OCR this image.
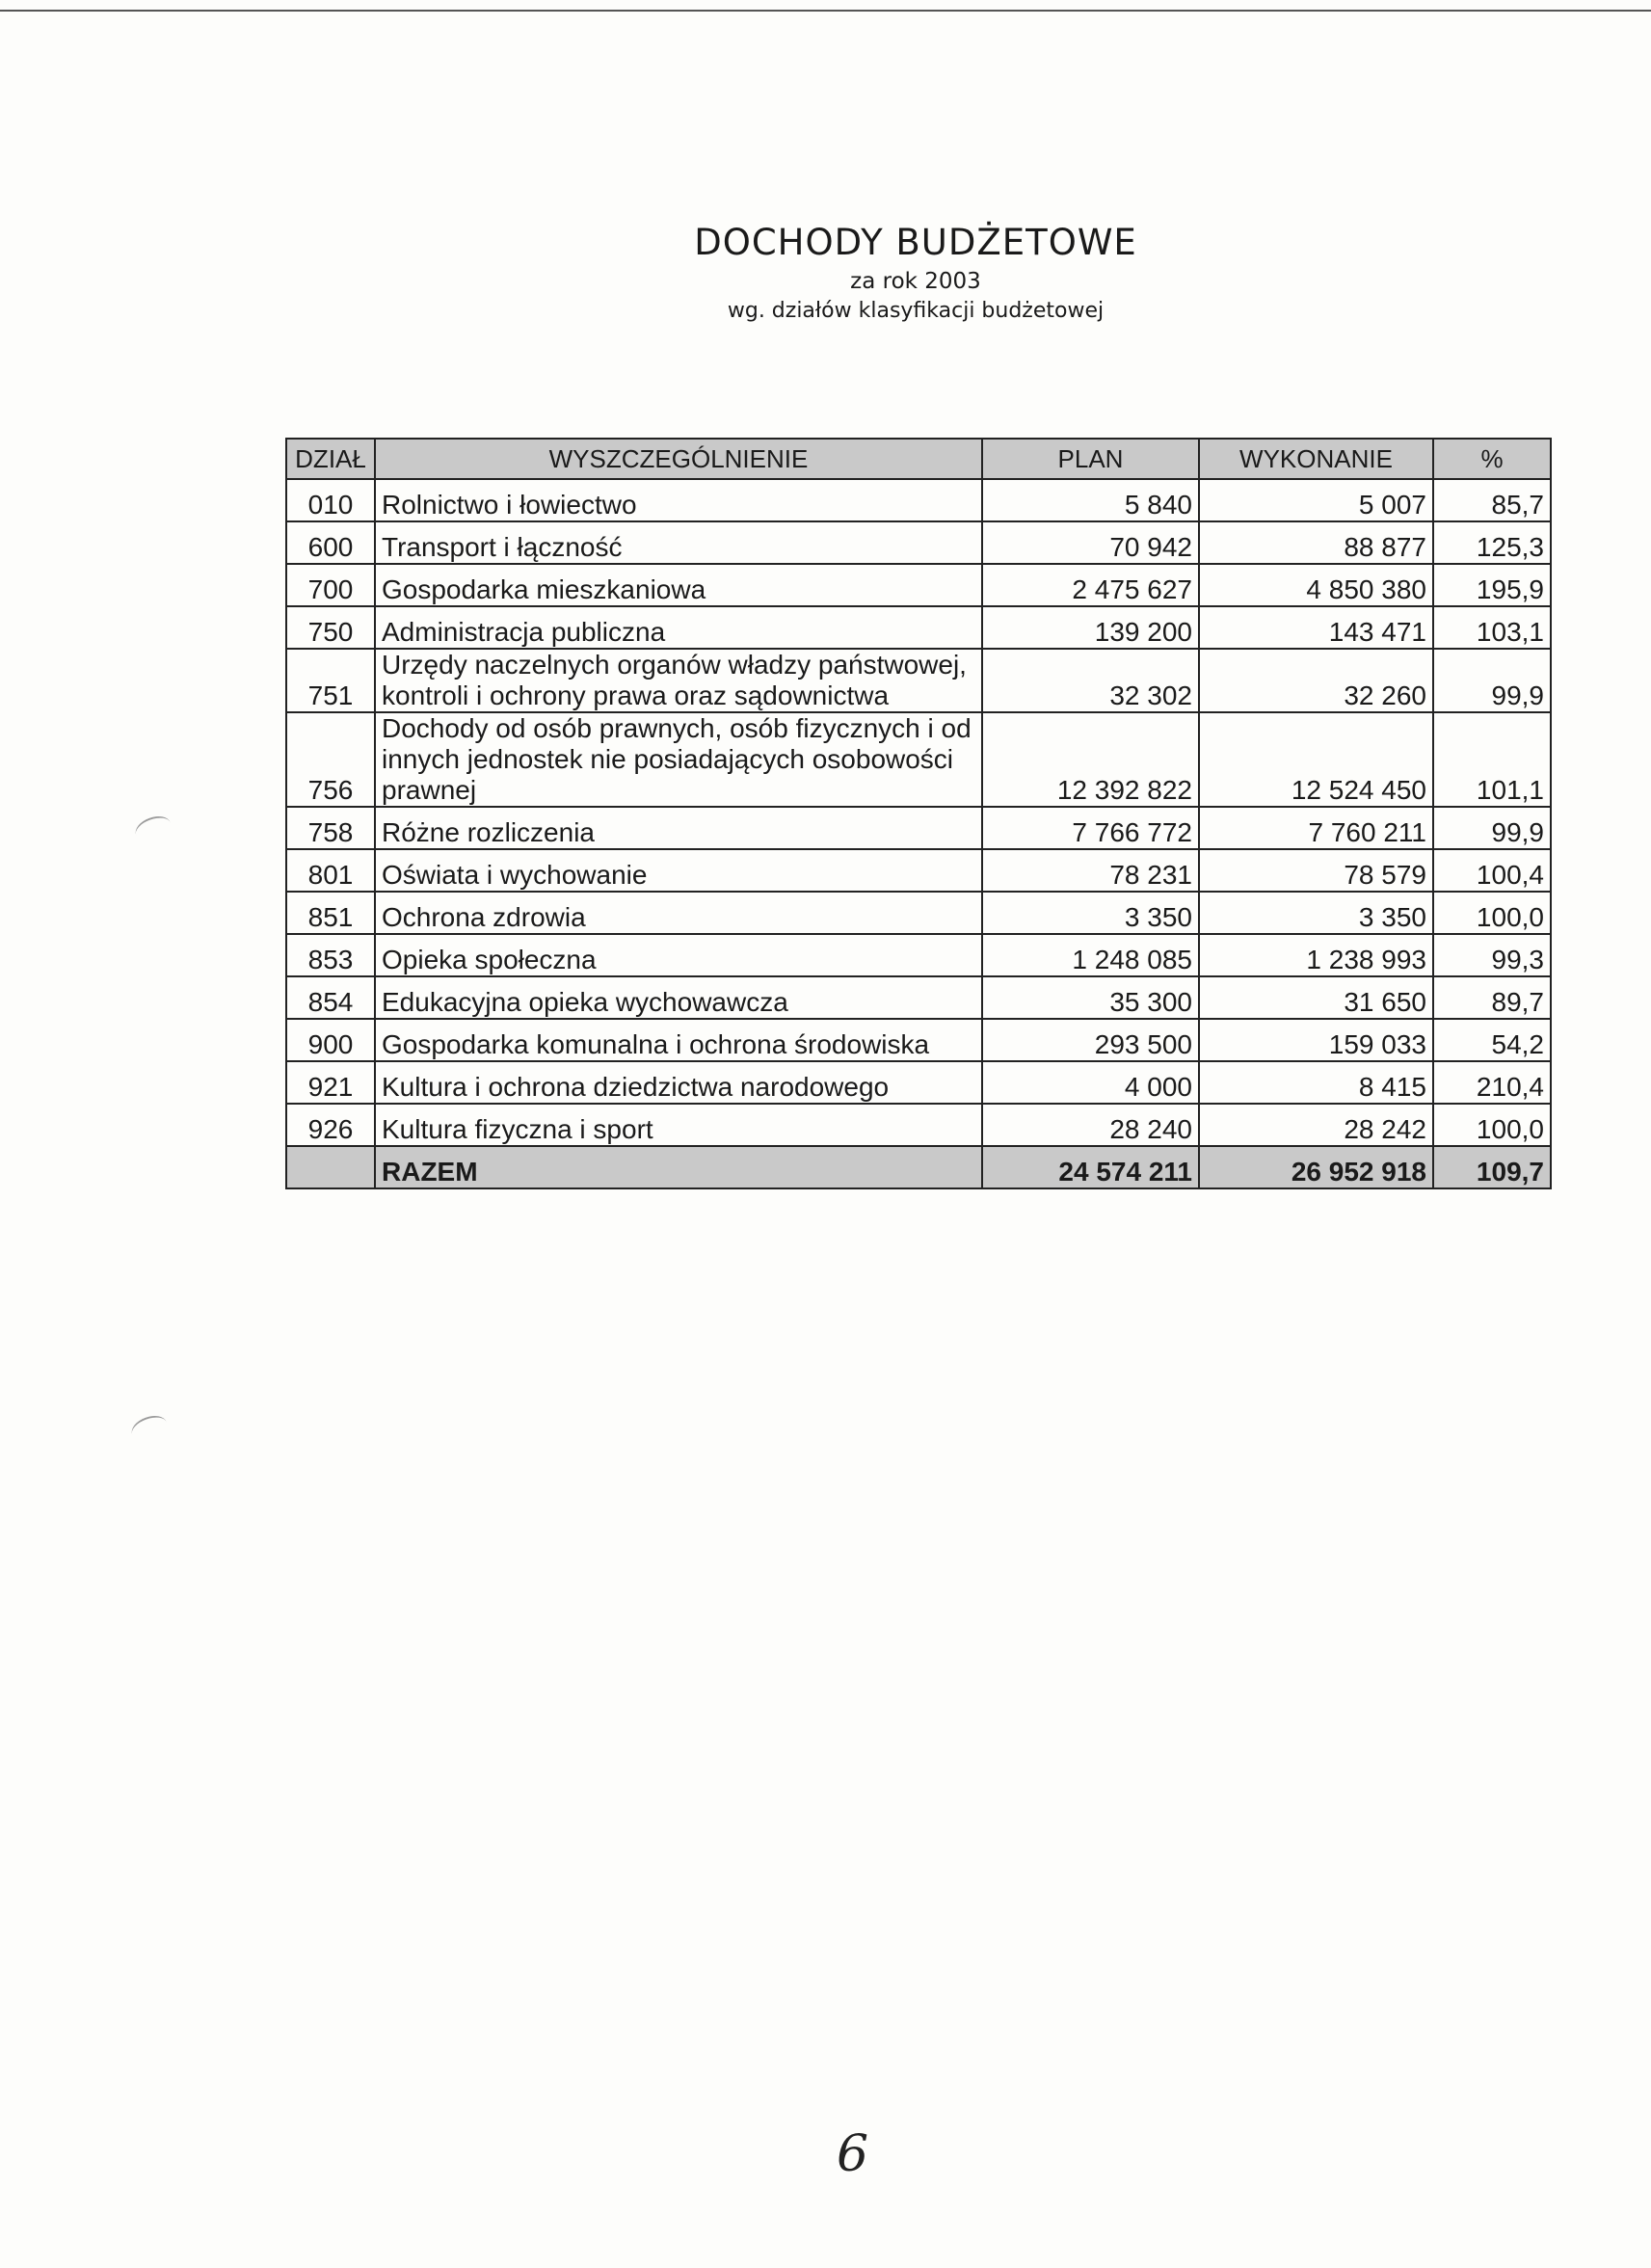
DOCHODY BUDŻETOWE
za rok 2003
wg. działów klasyfikacji budżetowej
DZIAŁ	WYSZCZEGÓLNIENIE	PLAN	WYKONANIE	%
010	Rolnictwo i łowiectwo	5 840	5 007	85,7
600	Transport i łączność	70 942	88 877	125,3
700	Gospodarka mieszkaniowa	2 475 627	4 850 380	195,9
750	Administracja publiczna	139 200	143 471	103,1
751	Urzędy naczelnych organów władzy państwowej, kontroli i ochrony prawa oraz sądownictwa	32 302	32 260	99,9
756	Dochody od osób prawnych, osób fizycznych i od innych jednostek nie posiadających osobowości prawnej	12 392 822	12 524 450	101,1
758	Różne rozliczenia	7 766 772	7 760 211	99,9
801	Oświata i wychowanie	78 231	78 579	100,4
851	Ochrona zdrowia	3 350	3 350	100,0
853	Opieka społeczna	1 248 085	1 238 993	99,3
854	Edukacyjna opieka wychowawcza	35 300	31 650	89,7
900	Gospodarka komunalna i ochrona środowiska	293 500	159 033	54,2
921	Kultura i ochrona dziedzictwa narodowego	4 000	8 415	210,4
926	Kultura fizyczna i sport	28 240	28 242	100,0
	RAZEM	24 574 211	26 952 918	109,7
6
